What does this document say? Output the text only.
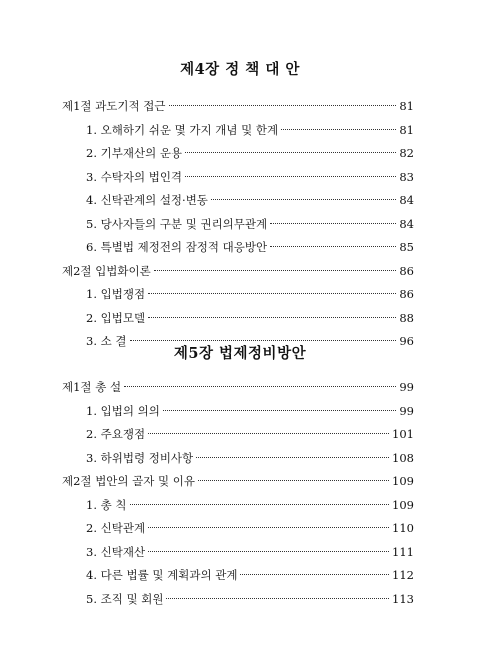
제4장 정 책 대 안
제1절 과도기적 접근	81
1. 오해하기 쉬운 몇 가지 개념 및 한계	81
2. 기부재산의 운용	82
3. 수탁자의 법인격	83
4. 신탁관계의 설정·변동	84
5. 당사자들의 구분 및 권리의무관계	84
6. 특별법 제정전의 잠정적 대응방안	85
제2절 입법화이론	86
1. 입법쟁점	86
2. 입법모델	88
3. 소 결	96
제5장 법제정비방안
제1절 총 설	99
1. 입법의 의의	99
2. 주요쟁점	101
3. 하위법령 정비사항	108
제2절 법안의 골자 및 이유	109
1. 총 칙	109
2. 신탁관계	110
3. 신탁재산	111
4. 다른 법률 및 계획과의 관계	112
5. 조직 및 회원	113
